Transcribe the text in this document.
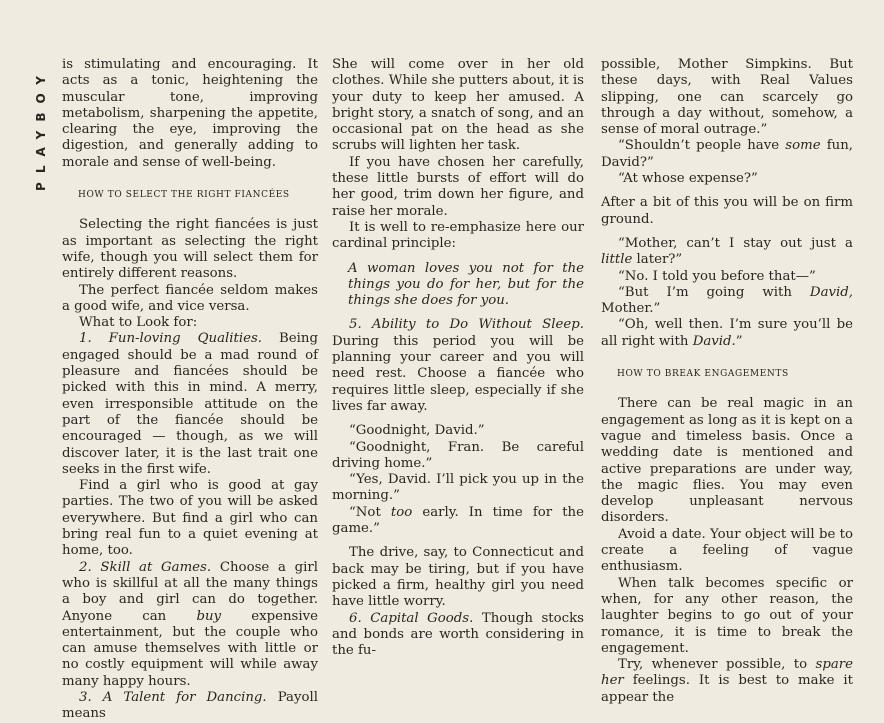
PLAYBOY

is stimulating and encouraging. It acts as a tonic, heightening the muscular tone, improving metabolism, sharpening the appetite, clearing the eye, improving the digestion, and generally adding to morale and sense of well-being.

HOW TO SELECT THE RIGHT FIANCÉES

Selecting the right fiancées is just as important as selecting the right wife, though you will select them for entirely different reasons.

The perfect fiancée seldom makes a good wife, and vice versa.

What to Look for:

1. Fun-loving Qualities. Being engaged should be a mad round of pleasure and fiancées should be picked with this in mind. A merry, even irresponsible attitude on the part of the fiancée should be encouraged — though, as we will discover later, it is the last trait one seeks in the first wife.

Find a girl who is good at gay parties. The two of you will be asked everywhere. But find a girl who can bring real fun to a quiet evening at home, too.

2. Skill at Games. Choose a girl who is skillful at all the many things a boy and girl can do together. Anyone can buy expensive entertainment, but the couple who can amuse themselves with little or no costly equipment will while away many happy hours.

3. A Talent for Dancing. Payoll means

She will come over in her old clothes. While she putters about, it is your duty to keep her amused. A bright story, a snatch of song, and an occasional pat on the head as she scrubs will lighten her task.

If you have chosen her carefully, these little bursts of effort will do her good, trim down her figure, and raise her morale.

It is well to re-emphasize here our cardinal principle:

A woman loves you not for the things you do for her, but for the things she does for you.

5. Ability to Do Without Sleep. During this period you will be planning your career and you will need rest. Choose a fiancée who requires little sleep, especially if she lives far away.

“Goodnight, David.”

“Goodnight, Fran. Be careful driving home.”

“Yes, David. I’ll pick you up in the morning.”

“Not too early. In time for the game.”

The drive, say, to Connecticut and back may be tiring, but if you have picked a firm, healthy girl you need have little worry.

6. Capital Goods. Though stocks and bonds are worth considering in the fu-

possible, Mother Simpkins. But these days, with Real Values slipping, one can scarcely go through a day without, somehow, a sense of moral outrage.”

“Shouldn’t people have some fun, David?”

“At whose expense?”

After a bit of this you will be on firm ground.

“Mother, can’t I stay out just a little later?”

“No. I told you before that—”

“But I’m going with David, Mother.”

“Oh, well then. I’m sure you’ll be all right with David.”

HOW TO BREAK ENGAGEMENTS

There can be real magic in an engagement as long as it is kept on a vague and timeless basis. Once a wedding date is mentioned and active preparations are under way, the magic flies. You may even develop unpleasant nervous disorders.

Avoid a date. Your object will be to create a feeling of vague enthusiasm.

When talk becomes specific or when, for any other reason, the laughter begins to go out of your romance, it is time to break the engagement.

Try, whenever possible, to spare her feelings. It is best to make it appear the
